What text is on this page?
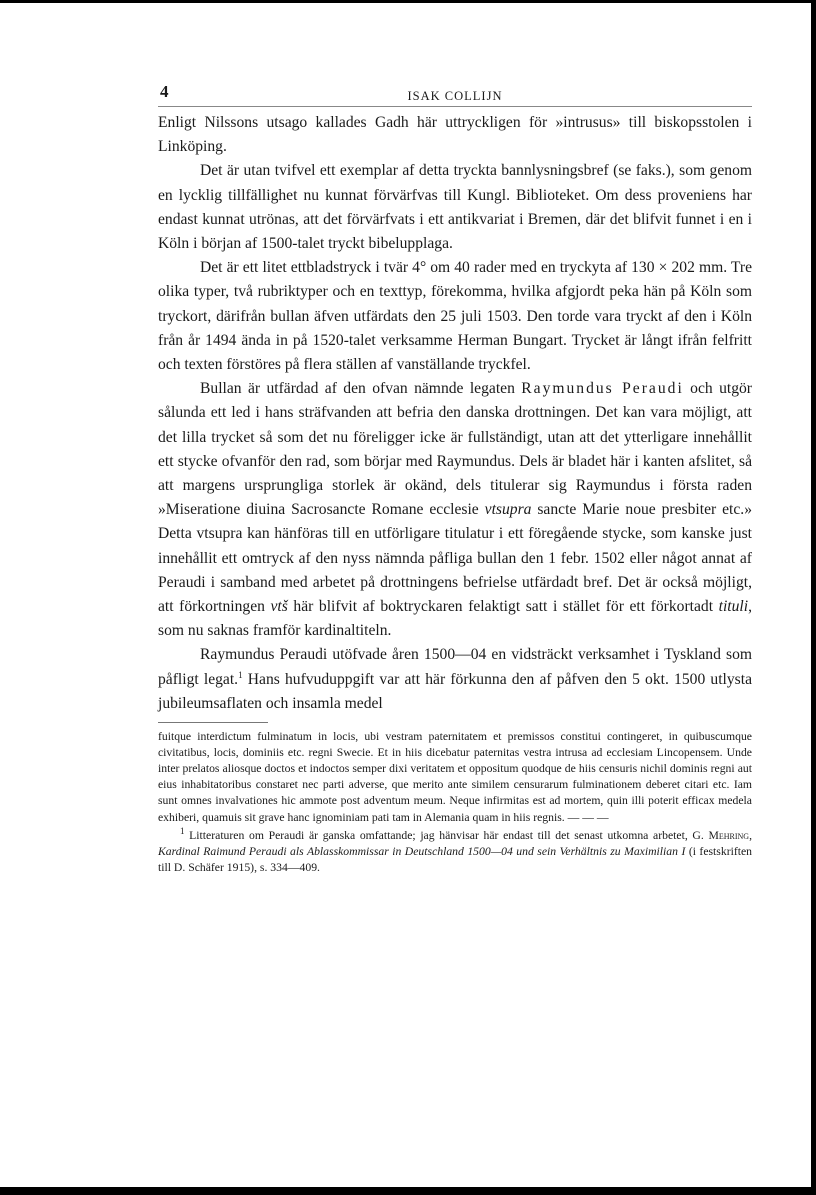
4	ISAK COLLIJN

Enligt Nilssons utsago kallades Gadh här uttryckligen för »intrusus» till biskopsstolen i Linköping.

Det är utan tvifvel ett exemplar af detta tryckta bannlysningsbref (se faks.), som genom en lycklig tillfällighet nu kunnat förvärfvas till Kungl. Biblioteket. Om dess proveniens har endast kunnat utrönas, att det förvärfvats i ett antikvariat i Bremen, där det blifvit funnet i en i Köln i början af 1500-talet tryckt bibelupplaga.

Det är ett litet ettbladstryck i tvär 4° om 40 rader med en tryckyta af 130 × 202 mm. Tre olika typer, två rubriktyper och en texttyp, förekomma, hvilka afgjordt peka hän på Köln som tryckort, därifrån bullan äfven utfärdats den 25 juli 1503. Den torde vara tryckt af den i Köln från år 1494 ända in på 1520-talet verksamme Herman Bungart. Trycket är långt ifrån felfritt och texten förstöres på flera ställen af vanställande tryckfel.

Bullan är utfärdad af den ofvan nämnde legaten Raymundus Peraudi och utgör sålunda ett led i hans sträfvanden att befria den danska drottningen. Det kan vara möjligt, att det lilla trycket så som det nu föreligger icke är fullständigt, utan att det ytterligare innehållit ett stycke ofvanför den rad, som börjar med Raymundus. Dels är bladet här i kanten afslitet, så att margens ursprungliga storlek är okänd, dels titulerar sig Raymundus i första raden »Miseratione diuina Sacrosancte Romane ecclesie vtsupra sancte Marie noue presbiter etc.» Detta vtsupra kan hänföras till en utförligare titulatur i ett föregående stycke, som kanske just innehållit ett omtryck af den nyss nämnda påfliga bullan den 1 febr. 1502 eller något annat af Peraudi i samband med arbetet på drottningens befrielse utfärdadt bref. Det är också möjligt, att förkortningen vtš här blifvit af boktryckaren felaktigt satt i stället för ett förkortadt tituli, som nu saknas framför kardinaltiteln.

Raymundus Peraudi utöfvade åren 1500—04 en vidsträckt verksamhet i Tyskland som påfligt legat.$^1$ Hans hufvuduppgift var att här förkunna den af påfven den 5 okt. 1500 utlysta jubileumsaflaten och insamla medel

fuitque interdictum fulminatum in locis, ubi vestram paternitatem et premissos constitui contingeret, in quibuscumque civitatibus, locis, dominiis etc. regni Swecie. Et in hiis dicebatur paternitas vestra intrusa ad ecclesiam Lincopensem. Unde inter prelatos aliosque doctos et indoctos semper dixi veritatem et oppositum quodque de hiis censuris nichil dominis regni aut eius inhabitatoribus constaret nec parti adverse, que merito ante similem censurarum fulminationem deberet citari etc. Iam sunt omnes invalvationes hic ammote post adventum meum. Neque infirmitas est ad mortem, quin illi poterit efficax medela exhiberi, quamuis sit grave hanc ignominiam pati tam in Alemania quam in hiis regnis. — — —

$^1$ Litteraturen om Peraudi är ganska omfattande; jag hänvisar här endast till det senast utkomna arbetet, G. Mehring, Kardinal Raimund Peraudi als Ablasskommissar in Deutschland 1500—04 und sein Verhältnis zu Maximilian I (i festskriften till D. Schäfer 1915), s. 334—409.
